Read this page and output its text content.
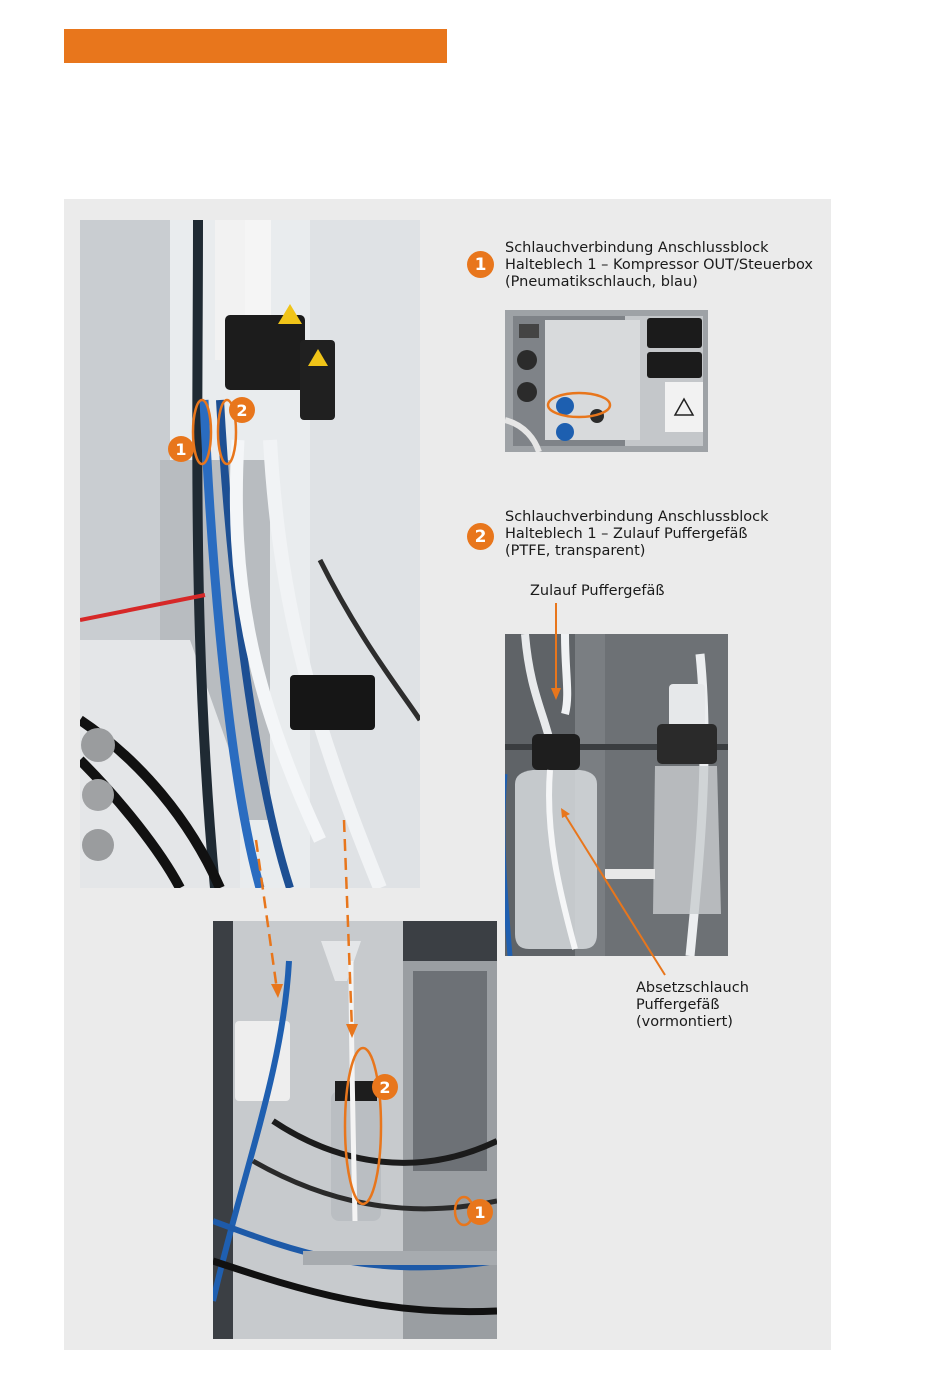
1
2
1
Schlauchverbindung Anschlussblock
Halteblech 1 – Kompressor OUT/Steuerbox
(Pneumatikschlauch, blau)
2
Schlauchverbindung Anschlussblock
Halteblech 1 – Zulauf Puffergefäß
(PTFE, transparent)
Zulauf Puffergefäß
Absetzschlauch
Puffergefäß
(vormontiert)
2
1
